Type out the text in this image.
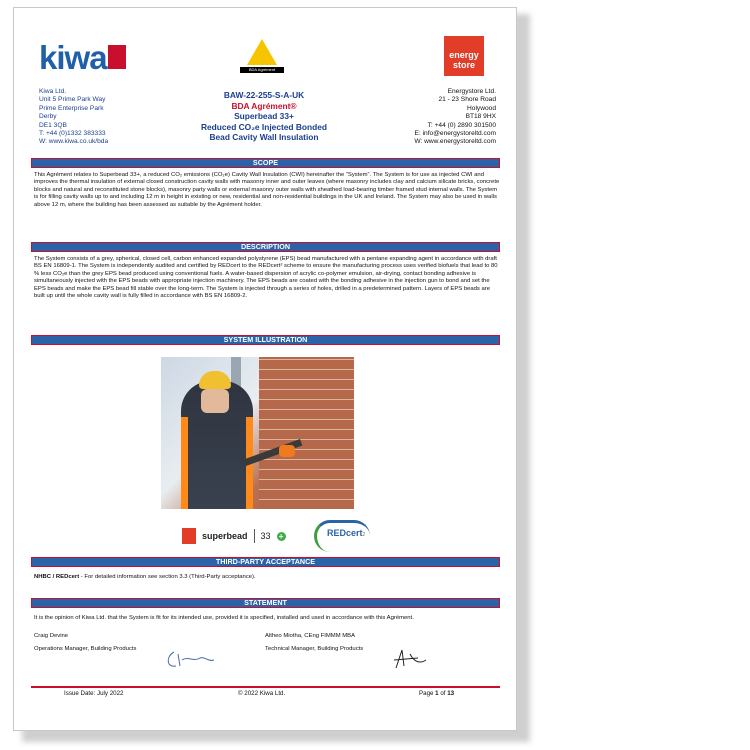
kiwa	BDA Agrément
energy
store
Kiwa Ltd.
Unit 5 Prime Park Way
Prime Enterprise Park
Derby
DE1 3QB
T: +44 (0)1332 383333
W: www.kiwa.co.uk/bda
BAW-22-255-S-A-UK
BDA Agrément®
Superbead 33+
Reduced CO₂e Injected Bonded
Bead Cavity Wall Insulation
Energystore Ltd.
21 - 23 Shore Road
Holywood
BT18 9HX
T: +44 (0) 2890 301500
E: info@energystoreltd.com
W: www.energystoreltd.com
SCOPE
This Agrément relates to Superbead 33+, a reduced CO₂ emissions (CO₂e) Cavity Wall Insulation (CWI) hereinafter the “System”. The System is for use as injected CWI and improves the thermal insulation of external closed construction cavity walls with masonry inner and outer leaves (where masonry includes clay and calcium silicate bricks, concrete blocks and natural and reconstituted stone blocks), masonry party walls or external masonry outer walls with sheathed load-bearing timber framed stud internal walls. The System is for filling cavity walls up to and including 12 m in height in existing or new, residential and non-residential buildings in the UK and Ireland. The System may also be used in walls above 12 m, where the building has been assessed as suitable by the Agrément holder.
DESCRIPTION
The System consists of a grey, spherical, closed cell, carbon enhanced expanded polystyrene (EPS) bead manufactured with a pentane expanding agent in accordance with draft BS EN 16809-1. The System is independently audited and certified by REDcert to the REDcert² scheme to ensure the manufacturing process uses verified biofuels that lead to 80 % less CO₂e than the grey EPS bead produced using conventional fuels. A water-based dispersion of acrylic co-polymer emulsion, air-drying, contact bonding adhesive is simultaneously injected with the EPS beads with appropriate injection machinery. The EPS beads are coated with the bonding adhesive in the injection gun to bond and set the EPS beads and make the EPS bead fill stable over the long-term. The System is injected through a series of holes, drilled in a predetermined pattern. Layers of EPS beads are built up until the whole cavity wall is fully filled in accordance with BS EN 16809-2.
SYSTEM ILLUSTRATION
superbead 33 +	REDcert2
THIRD-PARTY ACCEPTANCE
NHBC / REDcert - For detailed information see section 3.3 (Third-Party acceptance).
STATEMENT
It is the opinion of Kiwa Ltd. that the System is fit for its intended use, provided it is specified, installed and used in accordance with this Agrément.
Craig Devine
Operations Manager, Building Products
Altheo Miotha, CEng FIMMM MBA
Technical Manager, Building Products
Issue Date: July 2022	© 2022 Kiwa Ltd.	Page 1 of 13
